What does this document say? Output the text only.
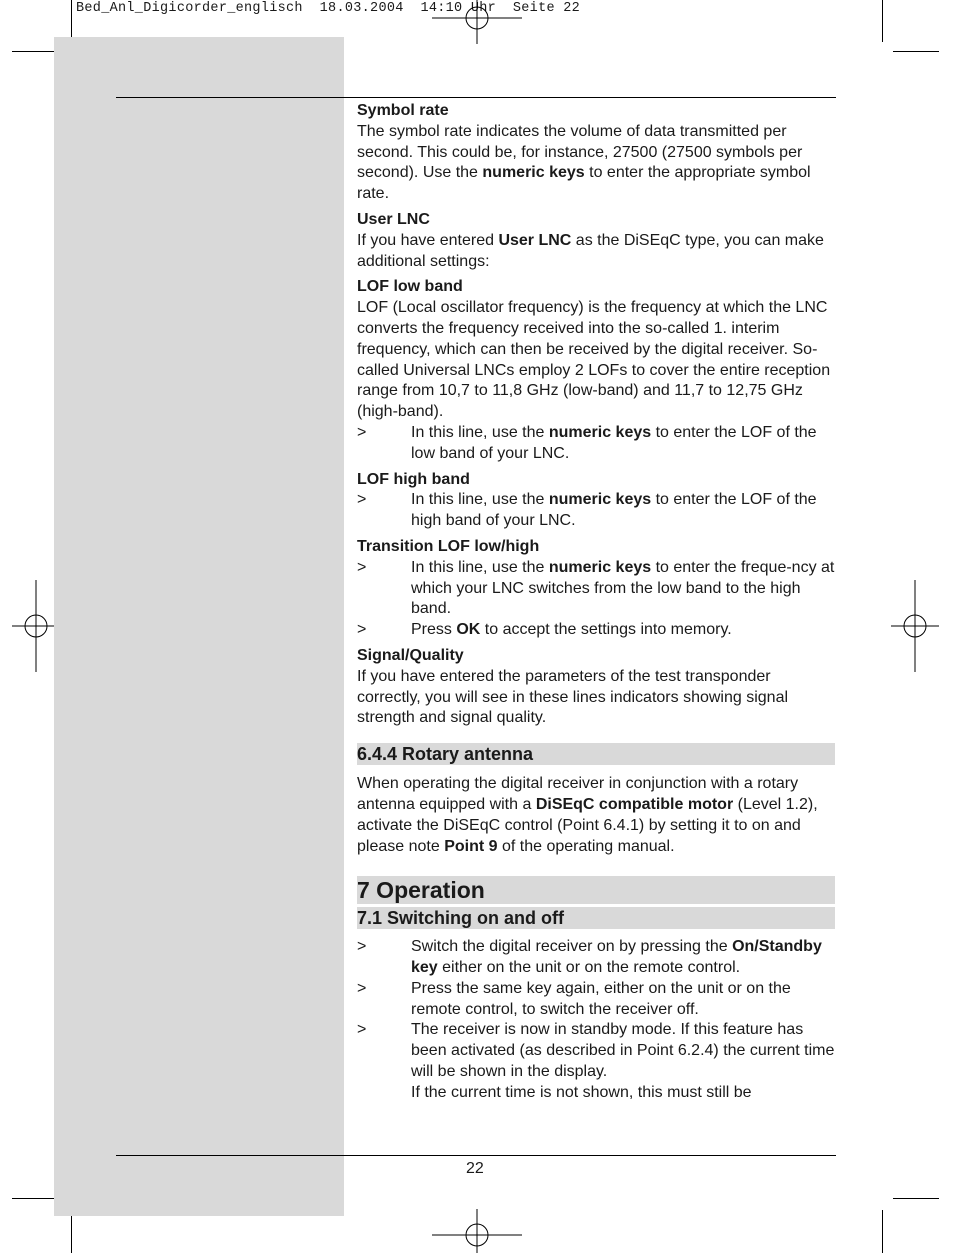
Bed_Anl_Digicorder_englisch  18.03.2004  14:10 Uhr  Seite 22

Symbol rate

The symbol rate indicates the volume of data transmitted per second. This could be, for instance, 27500 (27500 symbols per second). Use the numeric keys to enter the appropriate symbol rate.

User LNC

If you have entered User LNC as the DiSEqC type, you can make additional settings:

LOF low band

LOF (Local oscillator frequency) is the frequency at which the LNC converts the frequency received into the so-called 1. interim frequency, which can then be received by the digital receiver. So-called Universal LNCs employ 2 LOFs to cover the entire reception range from 10,7 to 11,8 GHz (low-band) and 11,7 to 12,75 GHz (high-band).

>	In this line, use the numeric keys to enter the LOF of the low band of your LNC.

LOF high band

>	In this line, use the numeric keys to enter the LOF of the high band of your LNC.

Transition LOF low/high

>	In this line, use the numeric keys to enter the freque-ncy at which your LNC switches from the low band to the high band.
>	Press OK to accept the settings into memory.

Signal/Quality

If you have entered the parameters of the test transponder correctly, you will see in these lines indicators showing signal strength and signal quality.

6.4.4 Rotary antenna

When operating the digital receiver in conjunction with a rotary antenna equipped with a DiSEqC compatible motor (Level 1.2), activate the DiSEqC control (Point 6.4.1) by setting it to on and please note Point 9 of the operating manual.

7 Operation
7.1 Switching on and off
>	Switch the digital receiver on by pressing the On/Standby key either on the unit or on the remote control.
>	Press the same key again, either on the unit or on the remote control, to switch the receiver off.
>	The receiver is now in standby mode. If this feature has been activated (as described in Point 6.2.4) the current time will be shown in the display.
If the current time is not shown, this must still be
22
